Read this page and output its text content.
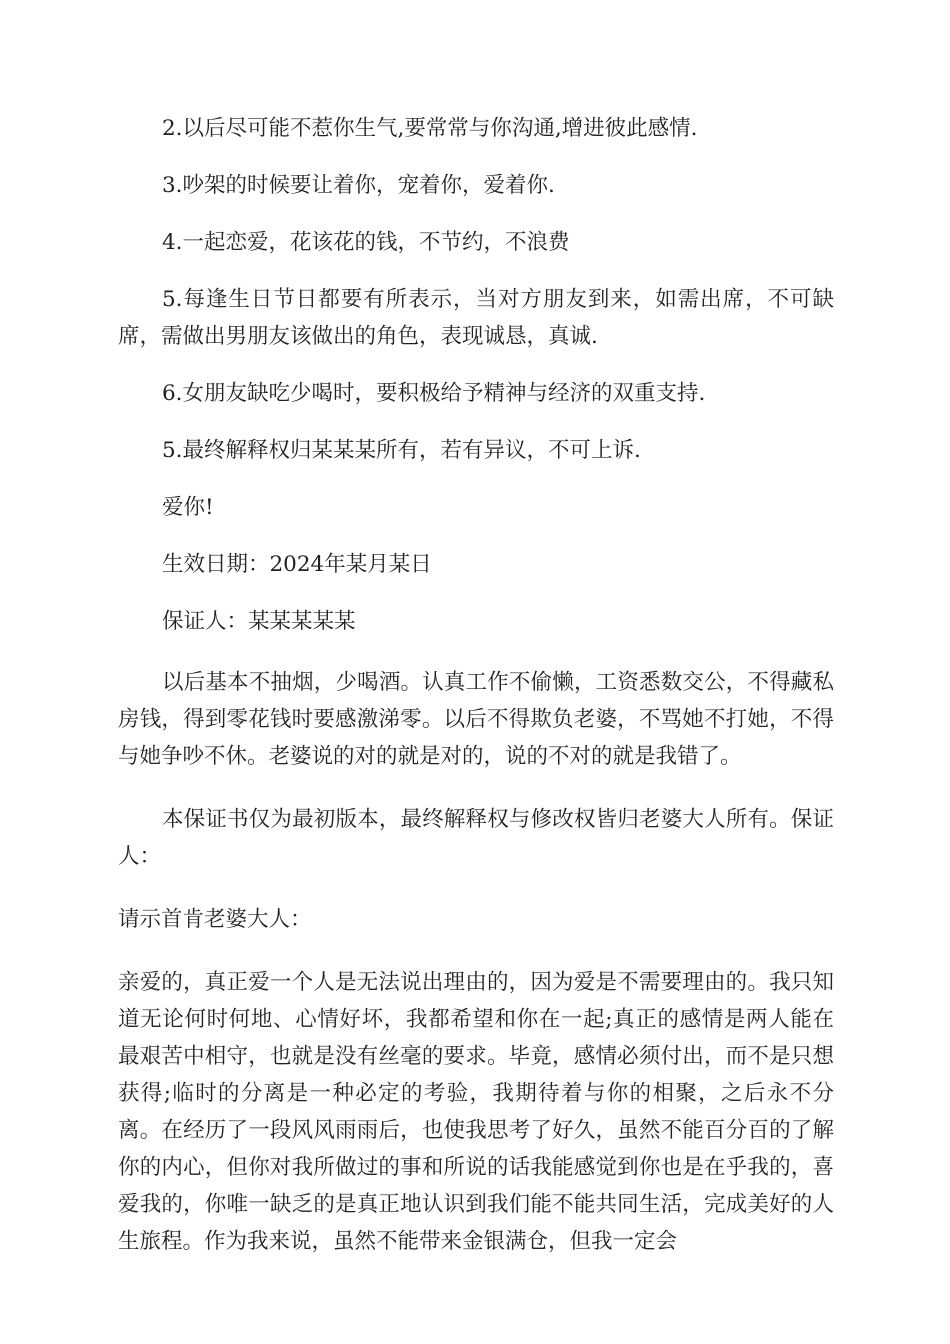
2.以后尽可能不惹你生气,要常常与你沟通,增进彼此感情.

3.吵架的时候要让着你，宠着你，爱着你.

4.一起恋爱，花该花的钱，不节约，不浪费

5.每逢生日节日都要有所表示，当对方朋友到来，如需出席，不可缺席，需做出男朋友该做出的角色，表现诚恳，真诚.

6.女朋友缺吃少喝时，要积极给予精神与经济的双重支持.

5.最终解释权归某某某所有，若有异议，不可上诉.

爱你!

生效日期：2024年某月某日

保证人：某某某某某

以后基本不抽烟，少喝酒。认真工作不偷懒，工资悉数交公，不得藏私房钱，得到零花钱时要感激涕零。以后不得欺负老婆，不骂她不打她，不得与她争吵不休。老婆说的对的就是对的，说的不对的就是我错了。

本保证书仅为最初版本，最终解释权与修改权皆归老婆大人所有。保证人：

请示首肯老婆大人：

亲爱的，真正爱一个人是无法说出理由的，因为爱是不需要理由的。我只知道无论何时何地、心情好坏，我都希望和你在一起;真正的感情是两人能在最艰苦中相守，也就是没有丝毫的要求。毕竟，感情必须付出，而不是只想获得;临时的分离是一种必定的考验，我期待着与你的相聚，之后永不分离。在经历了一段风风雨雨后，也使我思考了好久，虽然不能百分百的了解你的内心，但你对我所做过的事和所说的话我能感觉到你也是在乎我的，喜爱我的，你唯一缺乏的是真正地认识到我们能不能共同生活，完成美好的人生旅程。作为我来说，虽然不能带来金银满仓，但我一定会
